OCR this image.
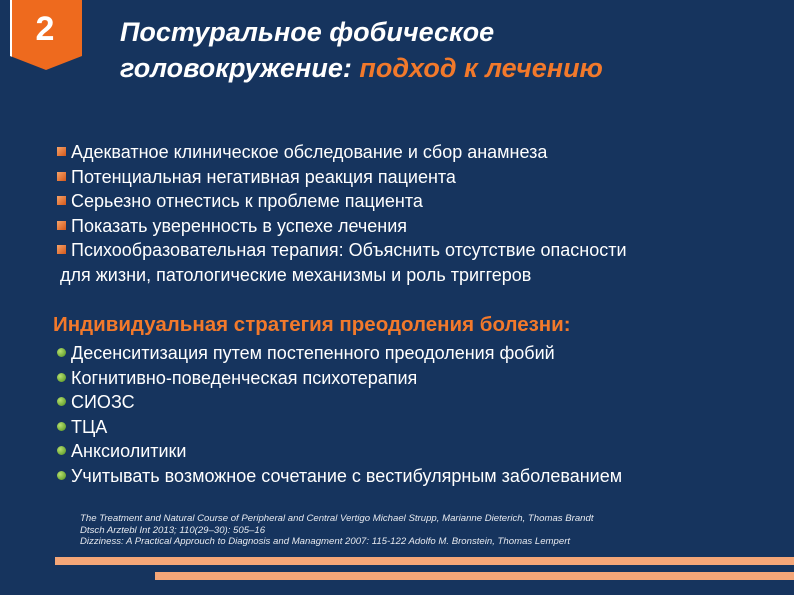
2	Постуральное фобическое
головокружение: подход к лечению
Адекватное клиническое обследование и сбор анамнеза
Потенциальная негативная реакция пациента
Серьезно отнестись к проблеме пациента
Показать уверенность в успехе лечения
Психообразовательная терапия: Объяснить отсутствие опасности
для жизни, патологические механизмы и роль триггеров
Индивидуальная стратегия преодоления болезни:
Десенситизация путем постепенного преодоления фобий
Когнитивно-поведенческая психотерапия
СИОЗС
ТЦА
Анксиолитики
Учитывать возможное сочетание с вестибулярным заболеванием
The Treatment and Natural Course of Peripheral and Central Vertigo Michael Strupp, Marianne Dieterich, Thomas Brandt
Dtsch Arztebl Int 2013; 110(29–30): 505–16
Dizziness: A Practical Approuch to Diagnosis and Managment 2007: 115-122 Adolfo M. Bronstein, Thomas Lempert
